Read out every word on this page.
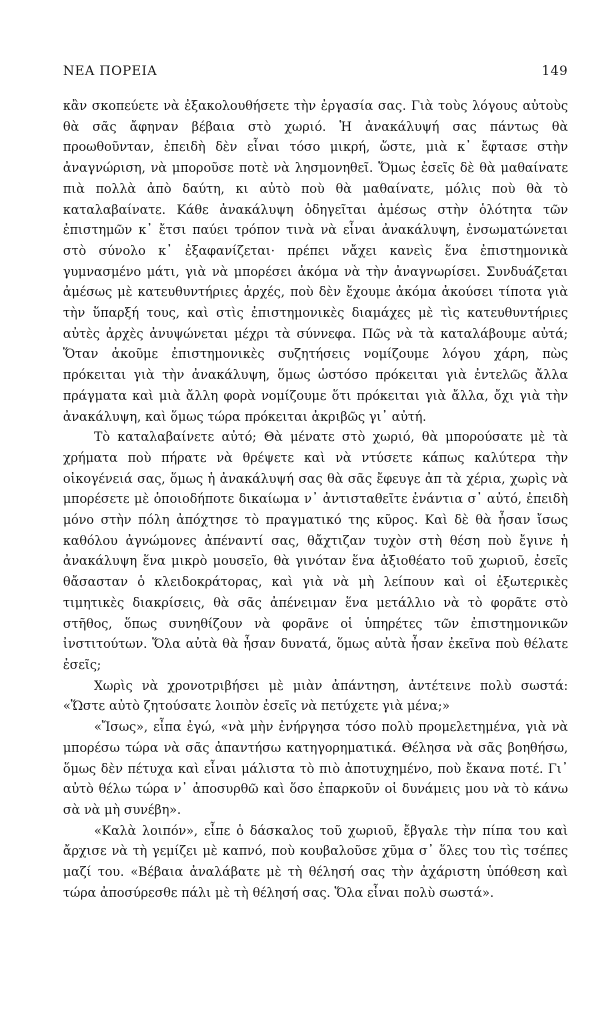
ΝΕΑ ΠΟΡΕΙΑ	149

κἂν σκοπεύετε νὰ ἐξακολουθήσετε τὴν ἐργασία σας. Γιὰ τοὺς λόγους αὐτοὺς θὰ σᾶς ἄφηναν βέβαια στὸ χωριό. Ἡ ἀνακάλυψή σας πάντως θὰ προωθοῦνταν, ἐπειδὴ δὲν εἶναι τόσο μικρή, ὥστε, μιὰ κ᾽ ἔφτασε στὴν ἀναγνώριση, νὰ μποροῦσε ποτὲ νὰ λησμονηθεῖ. Ὅμως ἐσεῖς δὲ θὰ μαθαίνατε πιὰ πολλὰ ἀπὸ δαύτη, κι αὐτὸ ποὺ θὰ μαθαίνατε, μόλις ποὺ θὰ τὸ καταλαβαίνατε. Κάθε ἀνακάλυψη ὁδηγεῖται ἀμέσως στὴν ὁλότητα τῶν ἐπιστημῶν κ᾽ ἔτσι παύει τρόπον τινὰ νὰ εἶναι ἀνακάλυψη, ἐνσωματώνεται στὸ σύνολο κ᾽ ἐξαφανίζεται· πρέπει νἄχει κανεὶς ἕνα ἐπιστημονικὰ γυμνασμένο μάτι, γιὰ νὰ μπορέσει ἀκόμα νὰ τὴν ἀναγνωρίσει. Συνδυάζεται ἀμέσως μὲ κατευθυντήριες ἀρχές, ποὺ δὲν ἔχουμε ἀκόμα ἀκούσει τίποτα γιὰ τὴν ὕπαρξή τους, καὶ στὶς ἐπιστημονικὲς διαμάχες μὲ τὶς κατευθυντήριες αὐτὲς ἀρχὲς ἀνυψώνεται μέχρι τὰ σύννεφα. Πῶς νὰ τὰ καταλάβουμε αὐτά; Ὅταν ἀκοῦμε ἐπιστημονικὲς συζητήσεις νομίζουμε λόγου χάρη, πὼς πρόκειται γιὰ τὴν ἀνακάλυψη, ὅμως ὡστόσο πρόκειται γιὰ ἐντελῶς ἄλλα πράγματα καὶ μιὰ ἄλλη φορὰ νομίζουμε ὅτι πρόκειται γιὰ ἄλλα, ὄχι γιὰ τὴν ἀνακάλυψη, καὶ ὅμως τώρα πρόκειται ἀκριβῶς γι᾽ αὐτή.

Τὸ καταλαβαίνετε αὐτό; Θὰ μένατε στὸ χωριό, θὰ μπορούσατε μὲ τὰ χρήματα ποὺ πήρατε νὰ θρέψετε καὶ νὰ ντύσετε κάπως καλύτερα τὴν οἰκογένειά σας, ὅμως ἡ ἀνακάλυψή σας θὰ σᾶς ἔφευγε ἀπ τὰ χέρια, χωρὶς νὰ μπορέσετε μὲ ὁποιοδήποτε δικαίωμα ν᾽ ἀντισταθεῖτε ἐνάντια σ᾽ αὐτό, ἐπειδὴ μόνο στὴν πόλη ἀπόχτησε τὸ πραγματικό της κῦρος. Καὶ δὲ θὰ ἦσαν ἴσως καθόλου ἀγνώμονες ἀπέναντί σας, θἄχτιζαν τυχὸν στὴ θέση ποὺ ἔγινε ἡ ἀνακάλυψη ἕνα μικρὸ μουσεῖο, θὰ γινόταν ἕνα ἀξιοθέατο τοῦ χωριοῦ, ἐσεῖς θἄσασταν ὁ κλειδοκράτορας, καὶ γιὰ νὰ μὴ λείπουν καὶ οἱ ἐξωτερικὲς τιμητικὲς διακρίσεις, θὰ σᾶς ἀπένειμαν ἕνα μετάλλιο νὰ τὸ φορᾶτε στὸ στῆθος, ὅπως συνηθίζουν νὰ φορᾶνε οἱ ὑπηρέτες τῶν ἐπιστημονικῶν ἰνστιτούτων. Ὅλα αὐτὰ θὰ ἦσαν δυνατά, ὅμως αὐτὰ ἦσαν ἐκεῖνα ποὺ θέλατε ἐσεῖς;

Χωρὶς νὰ χρονοτριβήσει μὲ μιὰν ἀπάντηση, ἀντέτεινε πολὺ σωστά: «Ὥστε αὐτὸ ζητούσατε λοιπὸν ἐσεῖς νὰ πετύχετε γιὰ μένα;»

«Ἴσως», εἶπα ἐγώ, «νὰ μὴν ἐνήργησα τόσο πολὺ προμελετημένα, γιὰ νὰ μπορέσω τώρα νὰ σᾶς ἀπαντήσω κατηγορηματικά. Θέλησα νὰ σᾶς βοηθήσω, ὅμως δὲν πέτυχα καὶ εἶναι μάλιστα τὸ πιὸ ἀποτυχημένο, ποὺ ἔκανα ποτέ. Γι᾽ αὐτὸ θέλω τώρα ν᾽ ἀποσυρθῶ καὶ ὅσο ἐπαρκοῦν οἱ δυνάμεις μου νὰ τὸ κάνω σὰ νὰ μὴ συνέβη».

«Καλὰ λοιπόν», εἶπε ὁ δάσκαλος τοῦ χωριοῦ, ἔβγαλε τὴν πίπα του καὶ ἄρχισε νὰ τὴ γεμίζει μὲ καπνό, ποὺ κουβαλοῦσε χῦμα σ᾽ ὅλες του τὶς τσέπες μαζί του. «Βέβαια ἀναλάβατε μὲ τὴ θέλησή σας τὴν ἀχάριστη ὑπόθεση καὶ τώρα ἀποσύρεσθε πάλι μὲ τὴ θέλησή σας. Ὅλα εἶναι πολὺ σωστά».
